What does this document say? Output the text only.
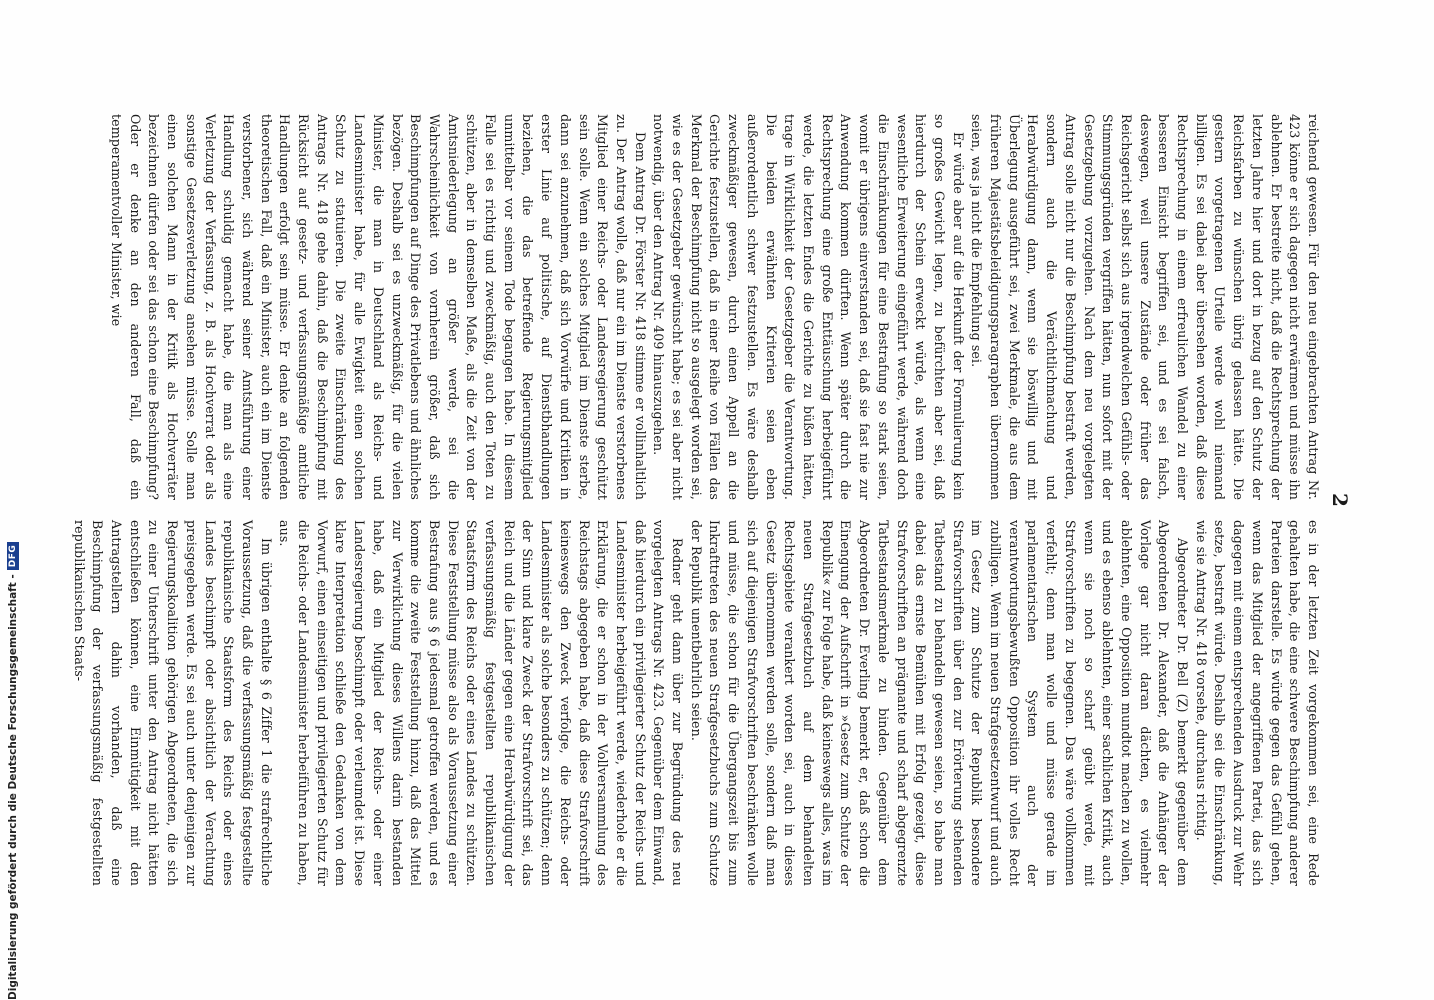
2

reichend gewesen. Für den neu eingebrachten Antrag Nr. 423 könne er sich dagegen nicht erwärmen und müsse ihn ablehnen. Er bestreite nicht, daß die Rechtsprechung der letzten Jahre hier und dort in bezug auf den Schutz der Reichsfarben zu wünschen übrig gelassen hätte. Die gestern vorgetragenen Urteile werde wohl niemand billigen. Es sei dabei aber übersehen worden, daß diese Rechtsprechung in einem erfreulichen Wandel zu einer besseren Einsicht begriffen sei, und es sei falsch, deswegen, weil unsere Zustände oder früher das Reichsgericht selbst sich aus irgendwelchen Gefühls- oder Stimmungsgründen vergriffen hätten, nun sofort mit der Gesetzgebung vorzugehen. Nach dem neu vorgelegten Antrag solle nicht nur die Beschimpfung bestraft werden, sondern auch die Verächtlichmachung und Herabwürdigung dann, wenn sie böswillig und mit Überlegung ausgeführt sei, zwei Merkmale, die aus dem früheren Majestätsbeleidigungsparagraphen übernommen seien, was ja nicht die Empfehlung sei.

Er würde aber auf die Herkunft der Formulierung kein so großes Gewicht legen, zu befürchten aber sei, daß hierdurch der Schein erweckt würde, als wenn eine wesentliche Erweiterung eingeführt werde, während doch die Einschränkungen für eine Bestrafung so stark seien, womit er übrigens einverstanden sei, daß sie fast nie zur Anwendung kommen dürften. Wenn später durch die Rechtsprechung eine große Enttäuschung herbeigeführt werde, die letzten Endes die Gerichte zu büßen hätten, trage in Wirklichkeit der Gesetzgeber die Verantwortung. Die beiden erwähnten Kriterien seien eben außerordentlich schwer festzustellen. Es wäre deshalb zweckmäßiger gewesen, durch einen Appell an die Gerichte festzustellen, daß in einer Reihe von Fällen das Merkmal der Beschimpfung nicht so ausgelegt worden sei, wie es der Gesetzgeber gewünscht habe; es sei aber nicht notwendig, über den Antrag Nr. 409 hinauszugehen.

Dem Antrag Dr. Förster Nr. 418 stimme er vollinhaltlich zu. Der Antrag wolle, daß nur ein im Dienste verstorbenes Mitglied einer Reichs- oder Landesregierung geschützt sein solle. Wenn ein solches Mitglied im Dienste sterbe, dann sei anzunehmen, daß sich Vorwürfe und Kritiken in erster Linie auf politische, auf Dienstbhandlungen beziehen, die das betreffende Regierungsmitglied unmittelbar vor seinem Tode begangen habe. In diesem Falle sei es richtig und zweckmäßig, auch den Toten zu schützen, aber in demselben Maße, als die Zeit von der Amtsniederlegung an größer werde, sei die Wahrscheinlichkeit von vornherein größer, daß sich Beschimpfungen auf Dinge des Privatlebens und ähnliches bezögen. Deshalb sei es unzweckmäßig, für die vielen Minister, die man in Deutschland als Reichs- und Landesminister habe, für alle Ewigkeit einen solchen Schutz zu statuieren. Die zweite Einschränkung des Antrags Nr. 418 gehe dahin, daß die Beschimpfung mit Rücksicht auf gesetz- und verfassungsmäßige amtliche Handlungen erfolgt sein müsse. Er denke an folgenden theoretischen Fall, daß ein Minister, auch ein im Dienste verstorbener, sich während seiner Amtsführung einer Handlung schuldig gemacht habe, die man als eine Verletzung der Verfassung, z. B. als Hochverrat oder als sonstige Gesetzesverletzung ansehen müsse. Solle man einen solchen Mann in der Kritik als Hochverräter bezeichnen dürfen oder sei das schon eine Beschimpfung? Oder er denke an den anderen Fall, daß ein temperamentvoller Minister, wie

es in der letzten Zeit vorgekommen sei, eine Rede gehalten habe, die eine schwere Beschimpfung anderer Parteien darstelle. Es würde gegen das Gefühl gehen, wenn das Mitglied der angegriffenen Partei, das sich dagegen mit einem entsprechenden Ausdruck zur Wehr setze, bestraft würde. Deshalb sei die Einschränkung, wie sie Antrag Nr. 418 vorsehe, durchaus richtig.

Abgeordneter Dr. Bell (Z) bemerkt gegenüber dem Abgeordneten Dr. Alexander, daß die Anhänger der Vorlage gar nicht daran dächten, es vielmehr ablehnten, eine Opposition mundtot machen zu wollen, und es ebenso ablehnten, einer sachlichen Kritik, auch wenn sie noch so scharf geübt werde, mit Strafvorschriften zu begegnen. Das wäre vollkommen verfehlt; denn man wolle und müsse gerade im parlamentarischen System auch der verantwortungsbewußten Opposition ihr volles Recht zubilligen. Wenn im neuen Strafgesetzentwurf und auch im Gesetz zum Schutze der Republik besondere Strafvorschriften über den zur Erörterung stehenden Tatbestand zu behandeln gewesen seien, so habe man dabei das ernste Bemühen mit Erfolg gezeigt, diese Strafvorschriften an prägnante und scharf abgegrenzte Tatbestandsmerkmale zu binden. Gegenüber dem Abgeordneten Dr. Everling bemerkt er, daß schon die Einengung der Aufschrift in »Gesetz zum Schutze der Republik« zur Folge habe, daß keineswegs alles, was im neuen Strafgesetzbuch auf dem behandelten Rechtsgebiete verankert worden sei, auch in dieses Gesetz übernommen werden solle, sondern daß man sich auf diejenigen Strafvorschriften beschränken wolle und müsse, die schon für die Übergangszeit bis zum Inkrafttreten des neuen Strafgesetzbuchs zum Schutze der Republik unentbehrlich seien.

Redner geht dann über zur Begründung des neu vorgelegten Antrags Nr. 423. Gegenüber dem Einwand, daß hierdurch ein privilegierter Schutz der Reichs- und Landesminister herbeigeführt werde, wiederhole er die Erklärung, die er schon in der Vollversammlung des Reichstags abgegeben habe, daß diese Strafvorschrift keineswegs den Zweck verfolge, die Reichs- oder Landesminister als solche besonders zu schützen; denn der Sinn und klare Zweck der Strafvorschrift sei, das Reich und die Länder gegen eine Herabwürdigung der verfassungsmäßig festgestellten republikanischen Staatsform des Reichs oder eines Landes zu schützen. Diese Feststellung müsse also als Voraussetzung einer Bestrafung aus § 6 jedesmal getroffen werden, und es komme die zweite Feststellung hinzu, daß das Mittel zur Verwirklichung dieses Willens darin bestanden habe, daß ein Mitglied der Reichs- oder einer Landesregierung beschimpft oder verleumdet ist. Diese klare Interpretation schließe den Gedanken von dem Vorwurf, einen einseitigen und privilegierten Schutz für die Reichs- oder Landesminister herbeiführen zu haben, aus.

Im übrigen enthalte § 6 Ziffer 1 die strafrechtliche Voraussetzung, daß die verfassungsmäßig festgestellte republikanische Staatsform des Reichs oder eines Landes beschimpft oder absichtlich der Verachtung preisgegeben werde. Es sei auch unter denjenigen zur Regierungskoalition gehörigen Abgeordneten, die sich zu einer Unterschrift unter den Antrag nicht hätten entschließen können, eine Einmütigkeit mit den Antragstellern dahin vorhanden, daß eine Beschimpfung der verfassungsmäßig festgestellten republikanischen Staats-

Digitalisierung gefördert durch die Deutsche Forschungsgemeinschaft -
DFG
